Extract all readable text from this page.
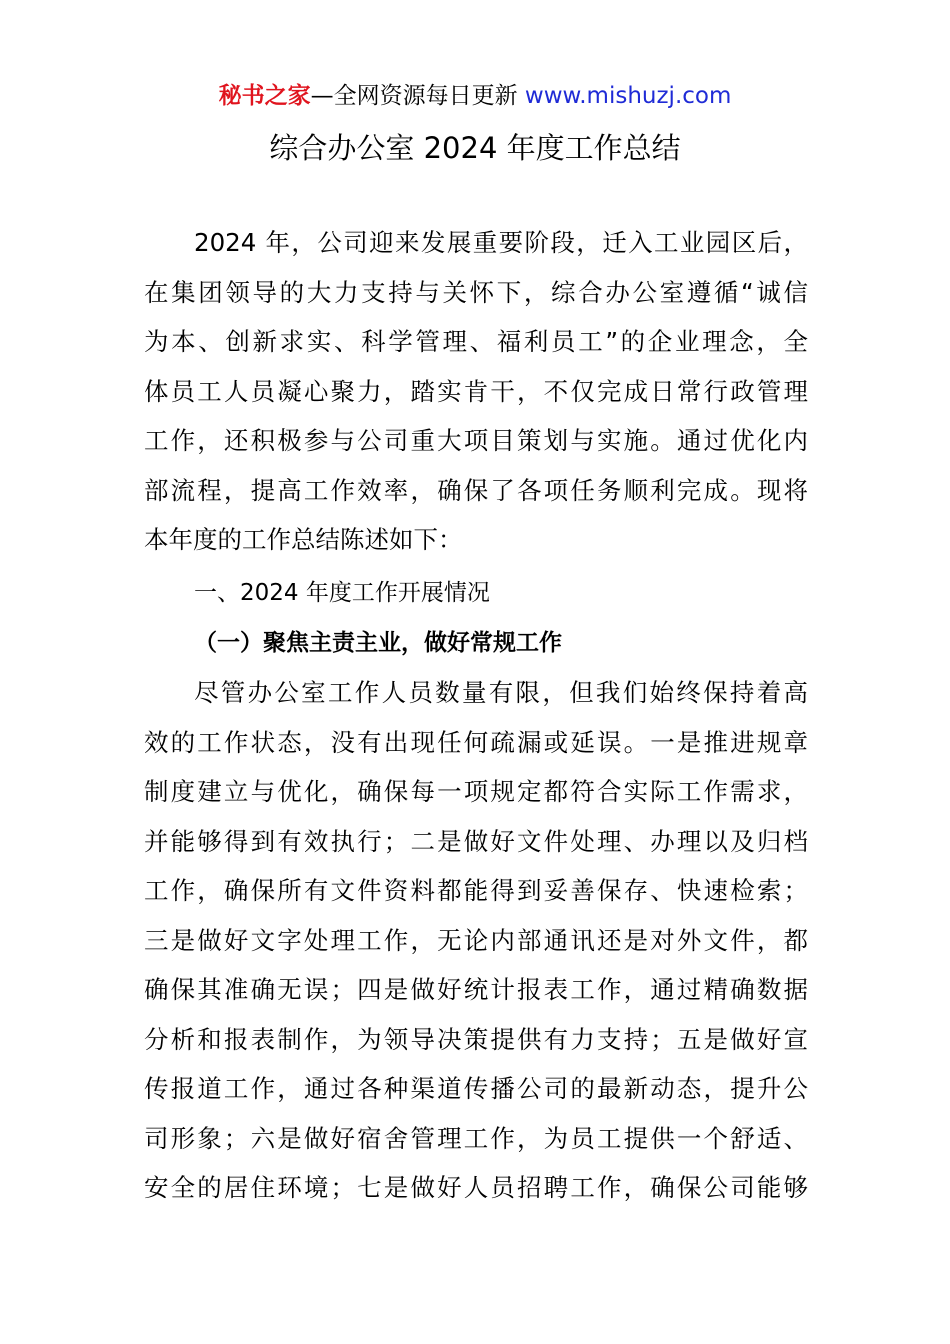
秘书之家—全网资源每日更新 www.mishuzj.com
综合办公室 2024 年度工作总结
2024 年，公司迎来发展重要阶段，迁入工业园区后，
在集团领导的大力支持与关怀下，综合办公室遵循“诚信
为本、创新求实、科学管理、福利员工”的企业理念，全
体员工人员凝心聚力，踏实肯干，不仅完成日常行政管理
工作，还积极参与公司重大项目策划与实施。通过优化内
部流程，提高工作效率，确保了各项任务顺利完成。现将
本年度的工作总结陈述如下：
一、2024 年度工作开展情况
（一）聚焦主责主业，做好常规工作
尽管办公室工作人员数量有限，但我们始终保持着高
效的工作状态，没有出现任何疏漏或延误。一是推进规章
制度建立与优化，确保每一项规定都符合实际工作需求，
并能够得到有效执行；二是做好文件处理、办理以及归档
工作，确保所有文件资料都能得到妥善保存、快速检索；
三是做好文字处理工作，无论内部通讯还是对外文件，都
确保其准确无误；四是做好统计报表工作，通过精确数据
分析和报表制作，为领导决策提供有力支持；五是做好宣
传报道工作，通过各种渠道传播公司的最新动态，提升公
司形象；六是做好宿舍管理工作，为员工提供一个舒适、
安全的居住环境；七是做好人员招聘工作，确保公司能够
